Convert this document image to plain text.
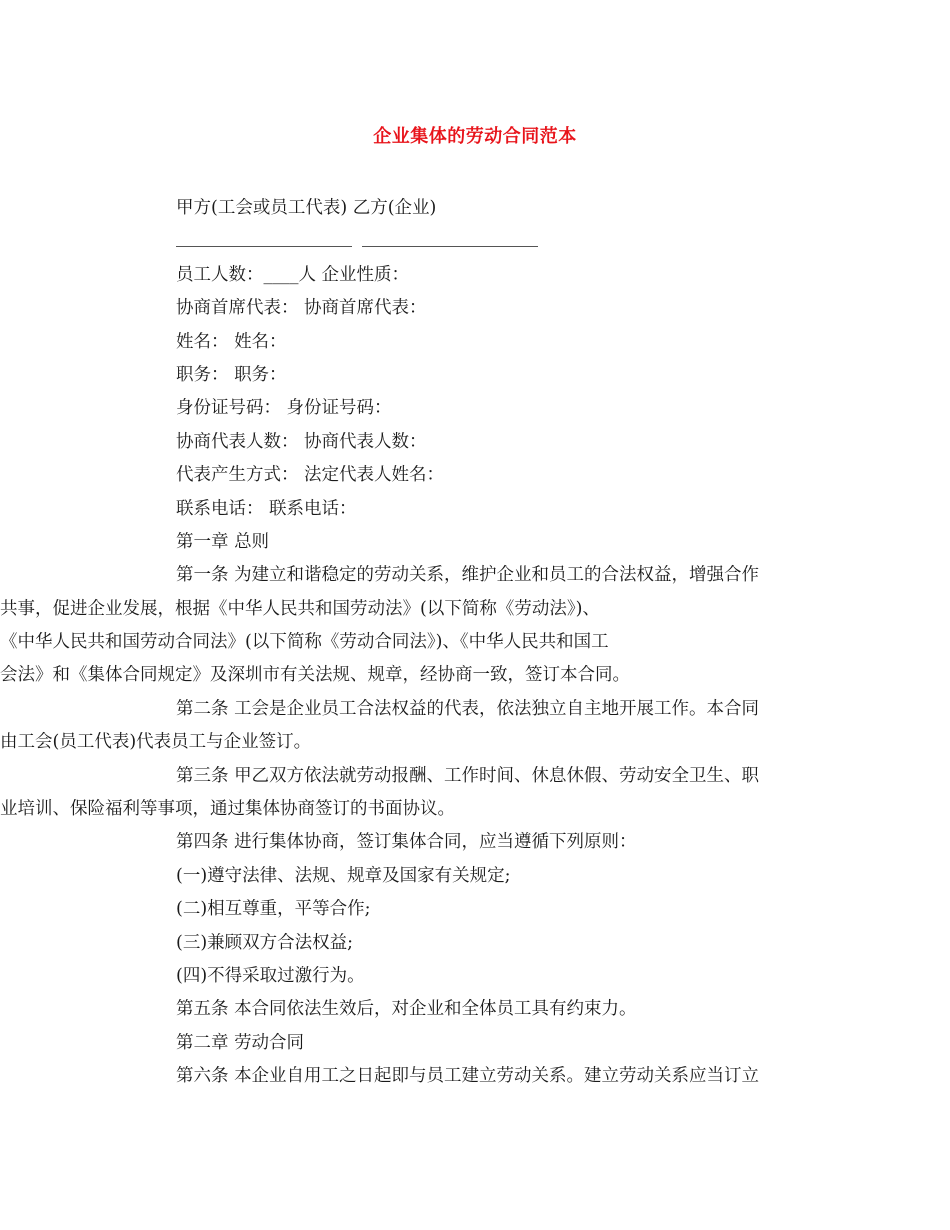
企业集体的劳动合同范本
甲方(工会或员工代表) 乙方(企业)
员工人数：____人 企业性质：
协商首席代表： 协商首席代表：
姓名： 姓名：
职务： 职务：
身份证号码： 身份证号码：
协商代表人数： 协商代表人数：
代表产生方式： 法定代表人姓名：
联系电话： 联系电话：
第一章 总则
第一条 为建立和谐稳定的劳动关系，维护企业和员工的合法权益，增强合作
共事，促进企业发展，根据《中华人民共和国劳动法》(以下简称《劳动法》)、
《中华人民共和国劳动合同法》(以下简称《劳动合同法》)、《中华人民共和国工
会法》和《集体合同规定》及深圳市有关法规、规章，经协商一致，签订本合同。
第二条 工会是企业员工合法权益的代表，依法独立自主地开展工作。本合同
由工会(员工代表)代表员工与企业签订。
第三条 甲乙双方依法就劳动报酬、工作时间、休息休假、劳动安全卫生、职
业培训、保险福利等事项，通过集体协商签订的书面协议。
第四条 进行集体协商，签订集体合同，应当遵循下列原则：
(一)遵守法律、法规、规章及国家有关规定;
(二)相互尊重，平等合作;
(三)兼顾双方合法权益;
(四)不得采取过激行为。
第五条 本合同依法生效后，对企业和全体员工具有约束力。
第二章 劳动合同
第六条 本企业自用工之日起即与员工建立劳动关系。建立劳动关系应当订立
